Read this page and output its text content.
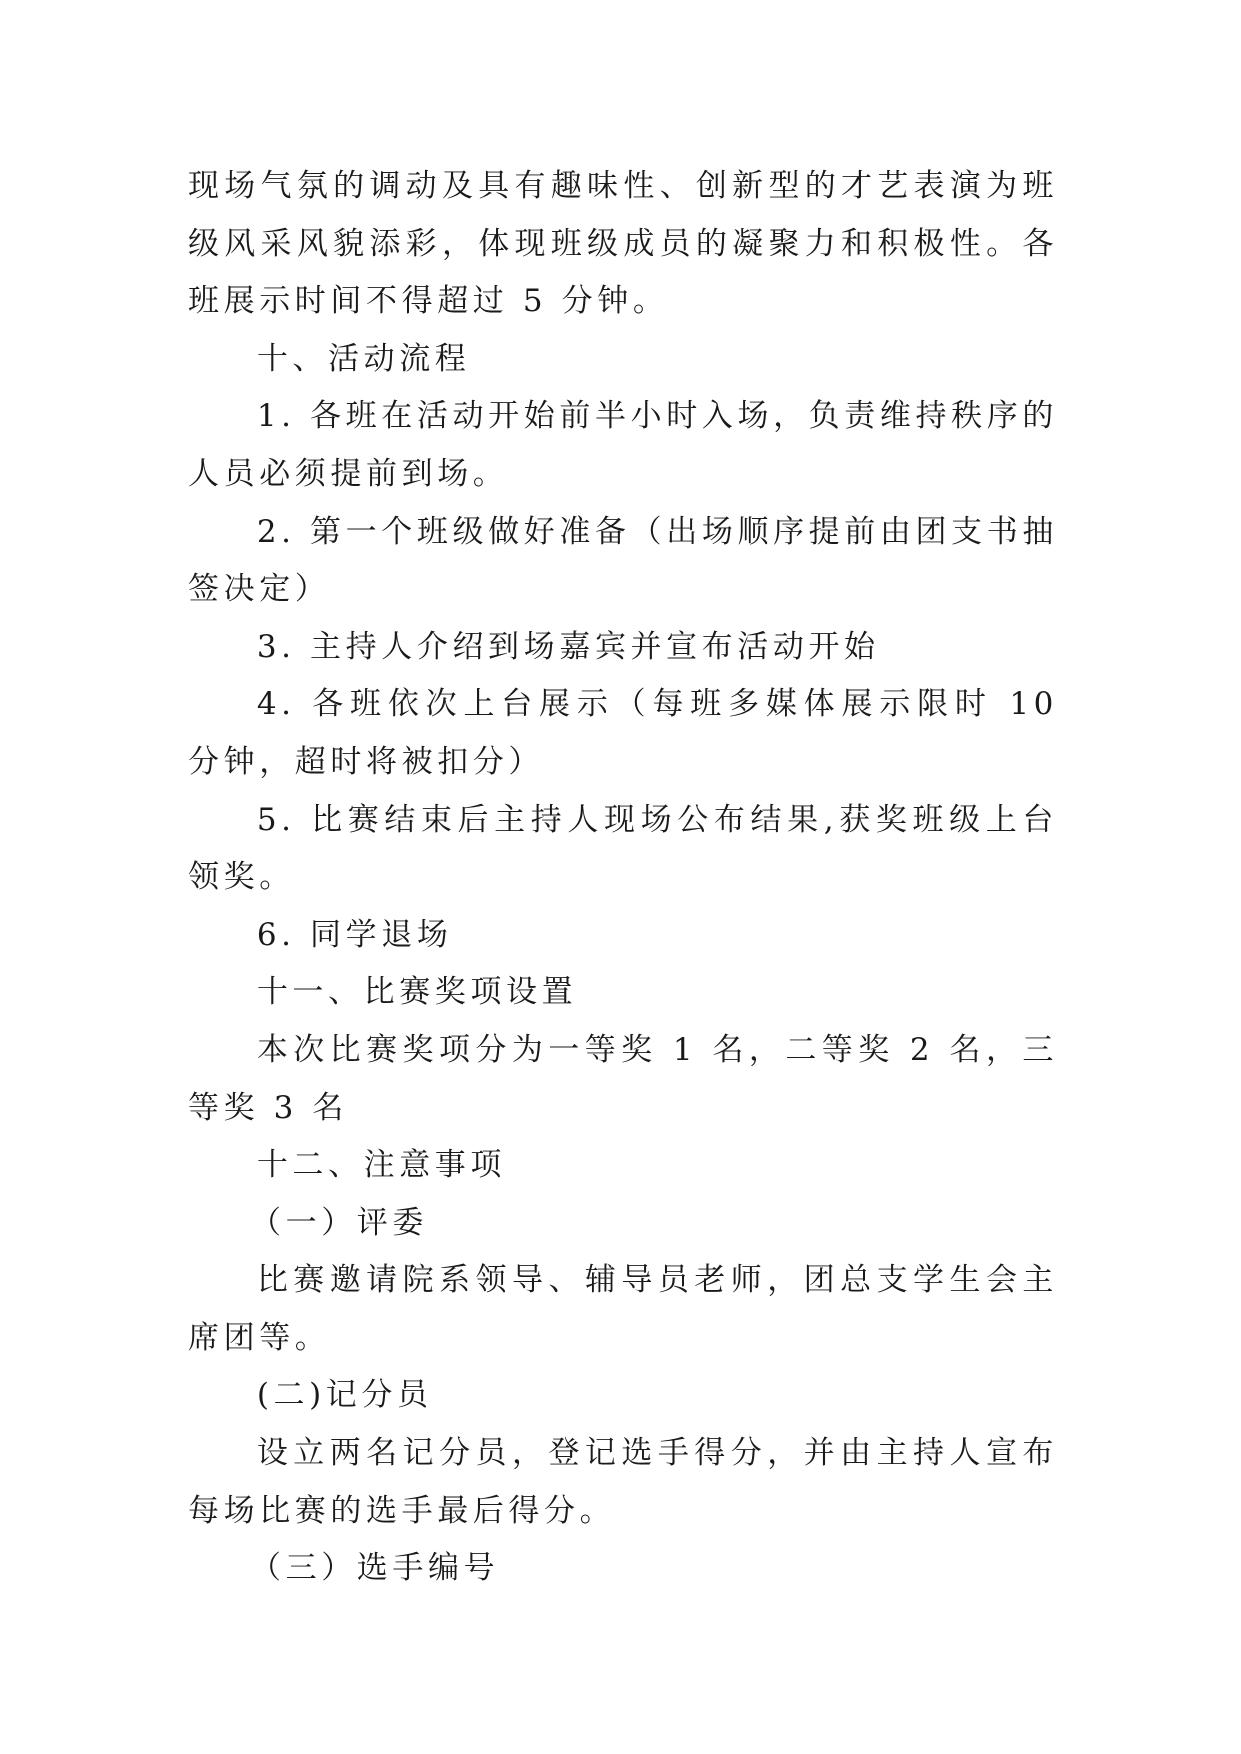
现场气氛的调动及具有趣味性、创新型的才艺表演为班级风采风貌添彩，体现班级成员的凝聚力和积极性。各班展示时间不得超过 5 分钟。

十、活动流程

1. 各班在活动开始前半小时入场，负责维持秩序的人员必须提前到场。

2. 第一个班级做好准备（出场顺序提前由团支书抽签决定）

3. 主持人介绍到场嘉宾并宣布活动开始

4. 各班依次上台展示（每班多媒体展示限时 10 分钟，超时将被扣分）

5. 比赛结束后主持人现场公布结果,获奖班级上台领奖。

6. 同学退场

十一、比赛奖项设置

本次比赛奖项分为一等奖 1 名，二等奖 2 名，三等奖 3 名

十二、注意事项

（一）评委

比赛邀请院系领导、辅导员老师，团总支学生会主席团等。

(二)记分员

设立两名记分员，登记选手得分，并由主持人宣布每场比赛的选手最后得分。

（三）选手编号
